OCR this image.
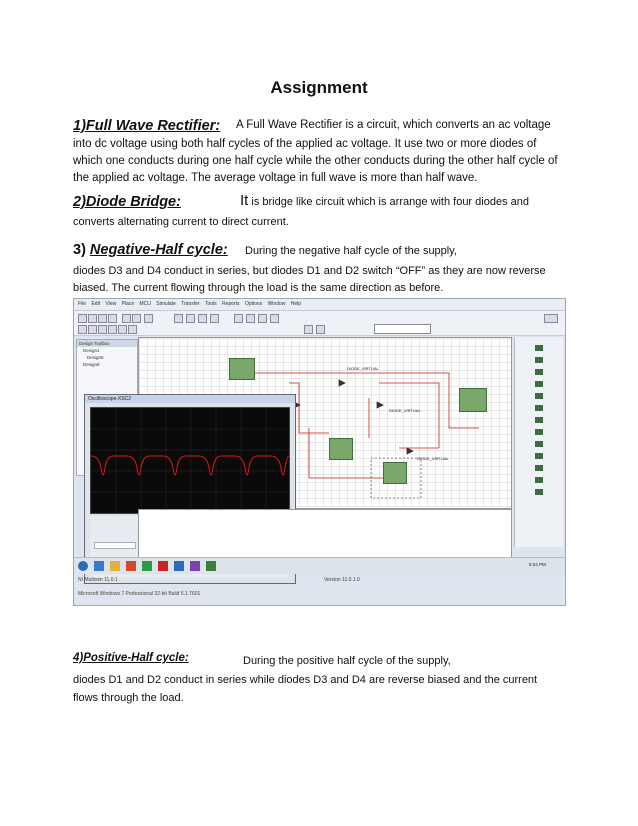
Assignment
1)Full Wave Rectifier: A Full Wave Rectifier is a circuit, which converts an ac voltage
into dc voltage using both half cycles of the applied ac voltage. It use two or more diodes of
which one conducts during one half cycle while the other conducts during the other half cycle of
the applied ac voltage. The average voltage in full wave is more than half wave.
2)Diode Bridge:	It is bridge like circuit which is arrange with four diodes and
converts alternating current to direct current.
3) Negative-Half cycle: During the negative half cycle of the supply,
diodes D3 and D4 conduct in series, but diodes D1 and D2 switch “OFF” as they are now reverse
biased. The current flowing through the load is the same direction as before.
File Edit View Place MCU Simulate Transfer Tools Reports Options Window Help
Design Toolbox
Design1
Design8
Design8
DIODE_VIRTUAL
DIODE_VIRTUAL
DIODE_VIRTUAL
Oscilloscope-XSC2
8:34 PM
NI Multisim 11.0.1	Version 11.0.1.0
Microsoft Windows 7 Professional 32-bit Build 6.1.7601
4)Positive-Half cycle:	During the positive half cycle of the supply,
diodes D1 and D2 conduct in series while diodes D3 and D4 are reverse biased and the current
flows through the load.
